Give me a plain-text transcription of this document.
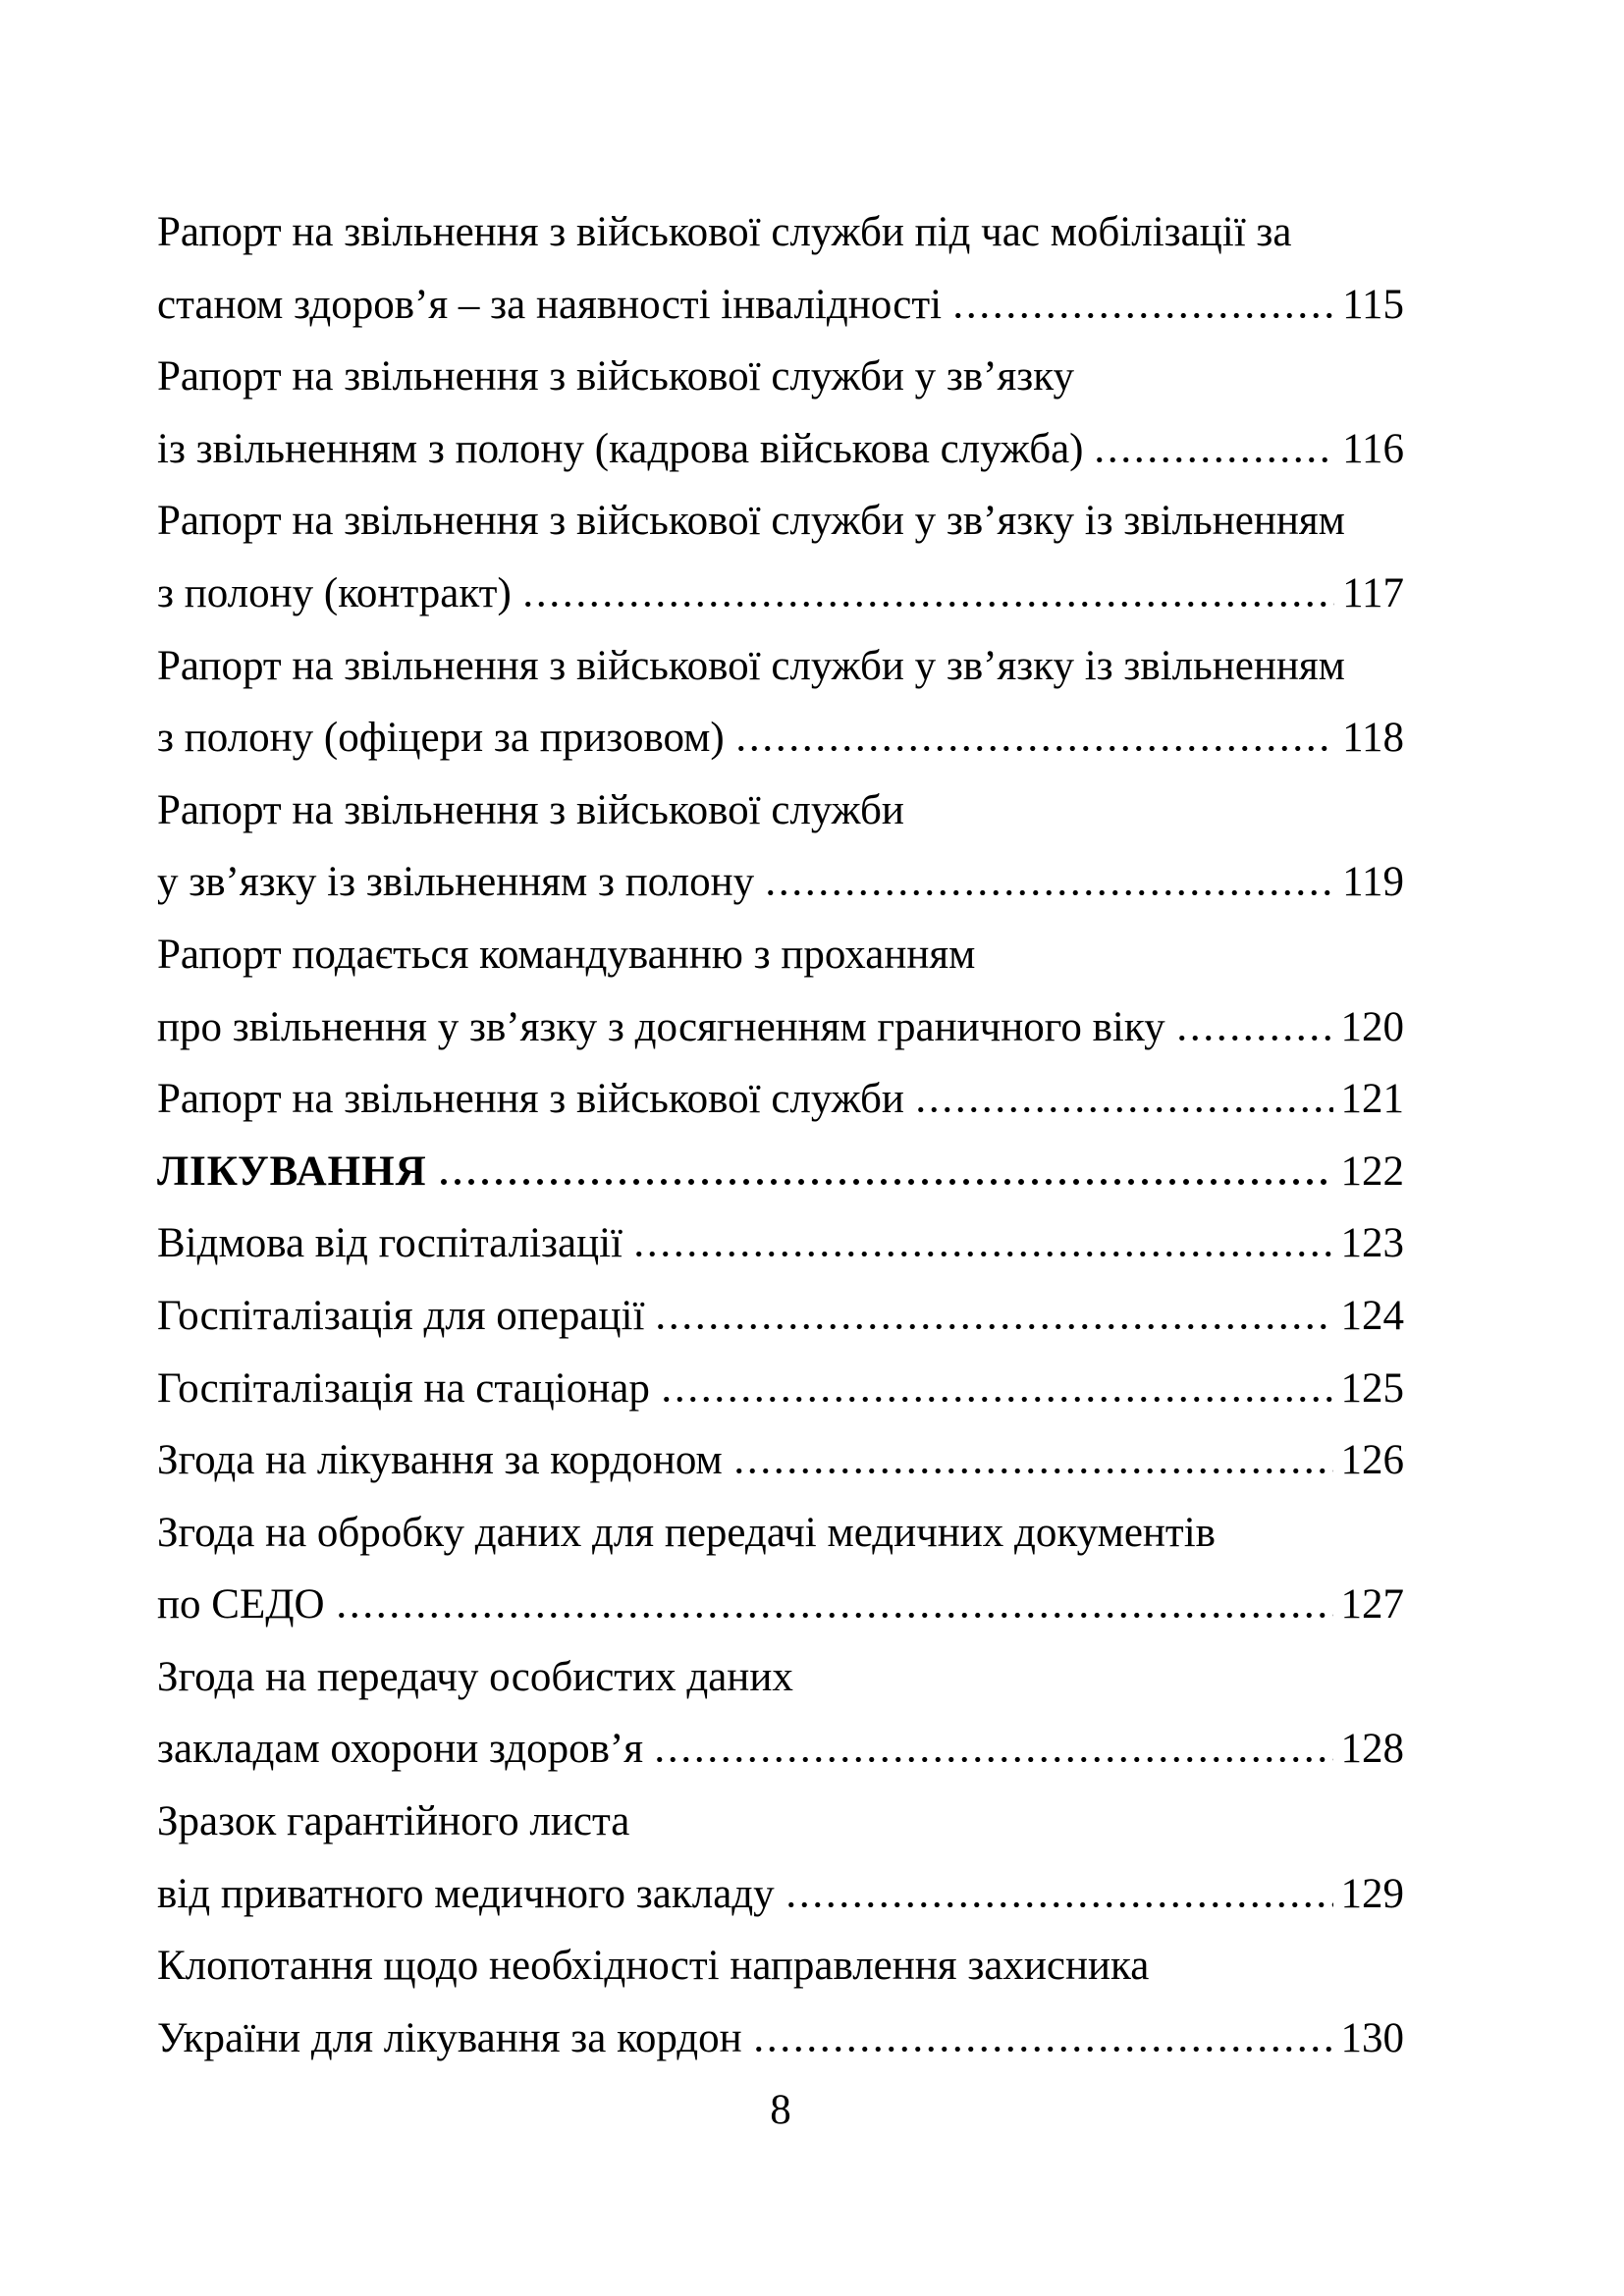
Рапорт на звільнення з військової служби під час мобілізації за
станом здоров’я – за наявності інвалідності	115
Рапорт на звільнення з військової служби у зв’язку
із звільненням з полону (кадрова військова служба)	116
Рапорт на звільнення з військової служби у зв’язку із звільненням
з полону (контракт)	117
Рапорт на звільнення з військової служби у зв’язку із звільненням
з полону (офіцери за призовом)	118
Рапорт на звільнення з військової служби
у зв’язку із звільненням з полону	119
Рапорт подається командуванню з проханням
про звільнення у зв’язку з досягненням граничного віку	120
Рапорт на звільнення з військової служби	121
ЛІКУВАННЯ	122
Відмова від госпіталізації	123
Госпіталізація для операції	124
Госпіталізація на стаціонар	125
Згода на лікування за кордоном	126
Згода на обробку даних для передачі медичних документів
по СЕДО	127
Згода на передачу особистих даних
закладам охорони здоров’я	128
Зразок гарантійного листа
від приватного медичного закладу	129
Клопотання щодо необхідності направлення захисника
України для лікування за кордон	130
8
